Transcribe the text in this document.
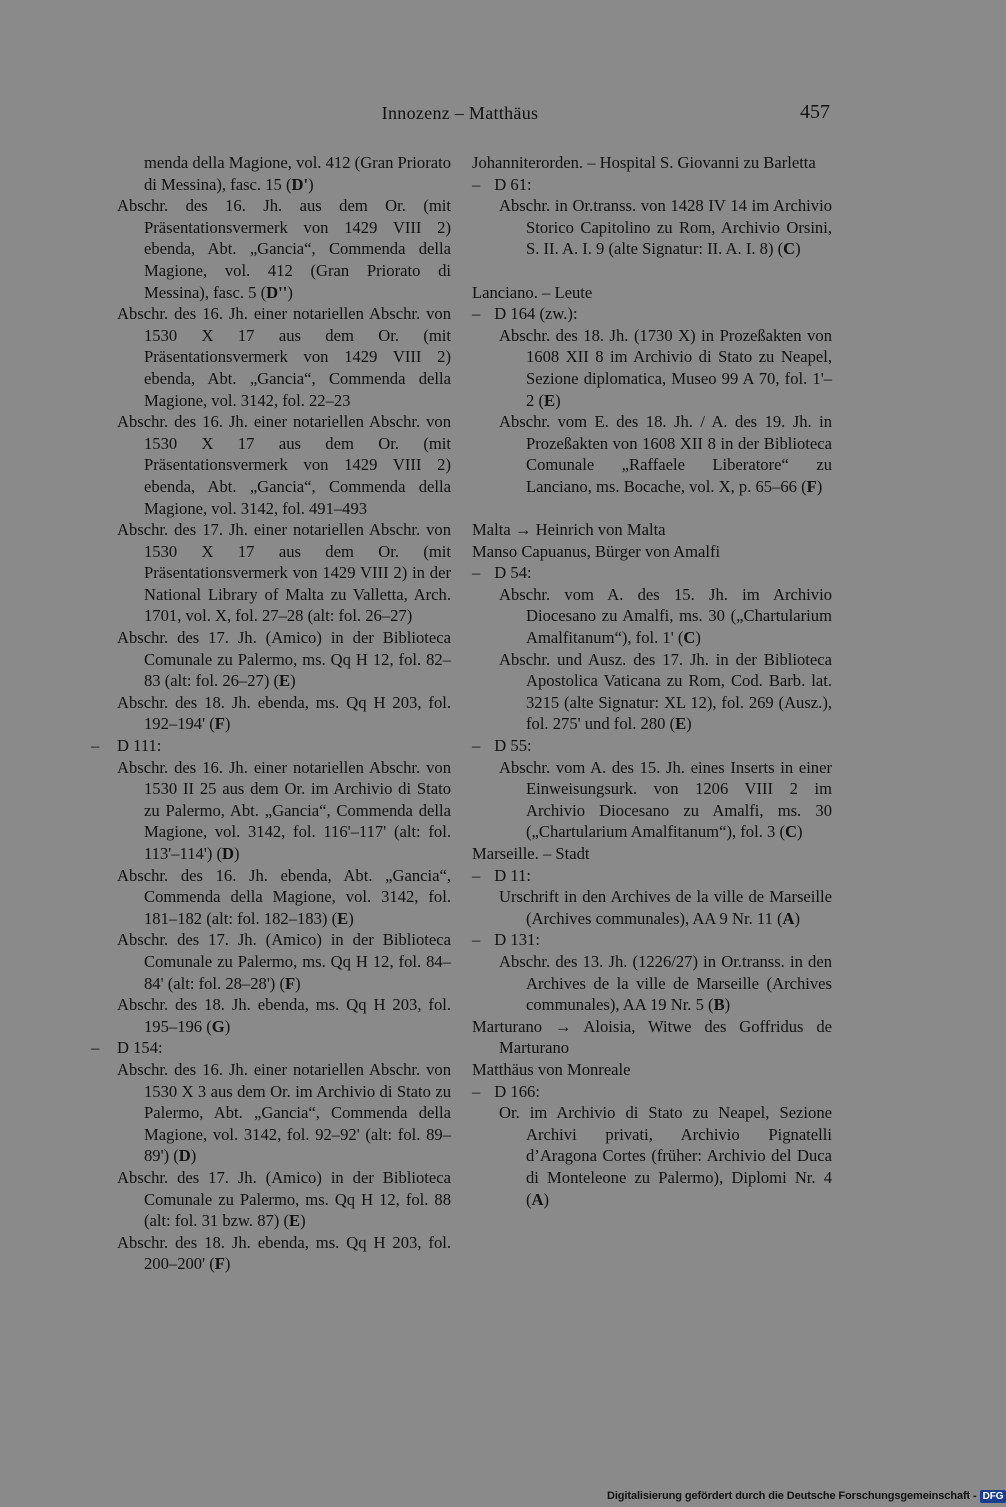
Innozenz – Matthäus	457
menda della Magione, vol. 412 (Gran Priorato di Messina), fasc. 15 (D')
Abschr. des 16. Jh. aus dem Or. (mit Präsentationsvermerk von 1429 VIII 2) ebenda, Abt. „Gancia“, Commenda della Magione, vol. 412 (Gran Priorato di Messina), fasc. 5 (D'')
Abschr. des 16. Jh. einer notariellen Abschr. von 1530 X 17 aus dem Or. (mit Präsentationsvermerk von 1429 VIII 2) ebenda, Abt. „Gancia“, Commenda della Magione, vol. 3142, fol. 22–23
Abschr. des 16. Jh. einer notariellen Abschr. von 1530 X 17 aus dem Or. (mit Präsentationsvermerk von 1429 VIII 2) ebenda, Abt. „Gancia“, Commenda della Magione, vol. 3142, fol. 491–493
Abschr. des 17. Jh. einer notariellen Abschr. von 1530 X 17 aus dem Or. (mit Präsentationsvermerk von 1429 VIII 2) in der National Library of Malta zu Valletta, Arch. 1701, vol. X, fol. 27–28 (alt: fol. 26–27)
Abschr. des 17. Jh. (Amico) in der Biblioteca Comunale zu Palermo, ms. Qq H 12, fol. 82–83 (alt: fol. 26–27) (E)
Abschr. des 18. Jh. ebenda, ms. Qq H 203, fol. 192–194' (F)
– D 111:
Abschr. des 16. Jh. einer notariellen Abschr. von 1530 II 25 aus dem Or. im Archivio di Stato zu Palermo, Abt. „Gancia“, Commenda della Magione, vol. 3142, fol. 116'–117' (alt: fol. 113'–114') (D)
Abschr. des 16. Jh. ebenda, Abt. „Gancia“, Commenda della Magione, vol. 3142, fol. 181–182 (alt: fol. 182–183) (E)
Abschr. des 17. Jh. (Amico) in der Biblioteca Comunale zu Palermo, ms. Qq H 12, fol. 84–84' (alt: fol. 28–28') (F)
Abschr. des 18. Jh. ebenda, ms. Qq H 203, fol. 195–196 (G)
– D 154:
Abschr. des 16. Jh. einer notariellen Abschr. von 1530 X 3 aus dem Or. im Archivio di Stato zu Palermo, Abt. „Gancia“, Commenda della Magione, vol. 3142, fol. 92–92' (alt: fol. 89–89') (D)
Abschr. des 17. Jh. (Amico) in der Biblioteca Comunale zu Palermo, ms. Qq H 12, fol. 88 (alt: fol. 31 bzw. 87) (E)
Abschr. des 18. Jh. ebenda, ms. Qq H 203, fol. 200–200' (F)
Johanniterorden. – Hospital S. Giovanni zu Barletta
– D 61:
Abschr. in Or.transs. von 1428 IV 14 im Archivio Storico Capitolino zu Rom, Archivio Orsini, S. II. A. I. 9 (alte Signatur: II. A. I. 8) (C)
Lanciano. – Leute
– D 164 (zw.):
Abschr. des 18. Jh. (1730 X) in Prozeßakten von 1608 XII 8 im Archivio di Stato zu Neapel, Sezione diplomatica, Museo 99 A 70, fol. 1'–2 (E)
Abschr. vom E. des 18. Jh. / A. des 19. Jh. in Prozeßakten von 1608 XII 8 in der Biblioteca Comunale „Raffaele Liberatore“ zu Lanciano, ms. Bocache, vol. X, p. 65–66 (F)
Malta → Heinrich von Malta
Manso Capuanus, Bürger von Amalfi
– D 54:
Abschr. vom A. des 15. Jh. im Archivio Diocesano zu Amalfi, ms. 30 („Chartularium Amalfitanum“), fol. 1' (C)
Abschr. und Ausz. des 17. Jh. in der Biblioteca Apostolica Vaticana zu Rom, Cod. Barb. lat. 3215 (alte Signatur: XL 12), fol. 269 (Ausz.), fol. 275' und fol. 280 (E)
– D 55:
Abschr. vom A. des 15. Jh. eines Inserts in einer Einweisungsurk. von 1206 VIII 2 im Archivio Diocesano zu Amalfi, ms. 30 („Chartularium Amalfitanum“), fol. 3 (C)
Marseille. – Stadt
– D 11:
Urschrift in den Archives de la ville de Marseille (Archives communales), AA 9 Nr. 11 (A)
– D 131:
Abschr. des 13. Jh. (1226/27) in Or.transs. in den Archives de la ville de Marseille (Archives communales), AA 19 Nr. 5 (B)
Marturano → Aloisia, Witwe des Goffridus de Marturano
Matthäus von Monreale
– D 166:
Or. im Archivio di Stato zu Neapel, Sezione Archivi privati, Archivio Pignatelli d’Aragona Cortes (früher: Archivio del Duca di Monteleone zu Palermo), Diplomi Nr. 4 (A)
Digitalisierung gefördert durch die Deutsche Forschungsgemeinschaft - DFG
